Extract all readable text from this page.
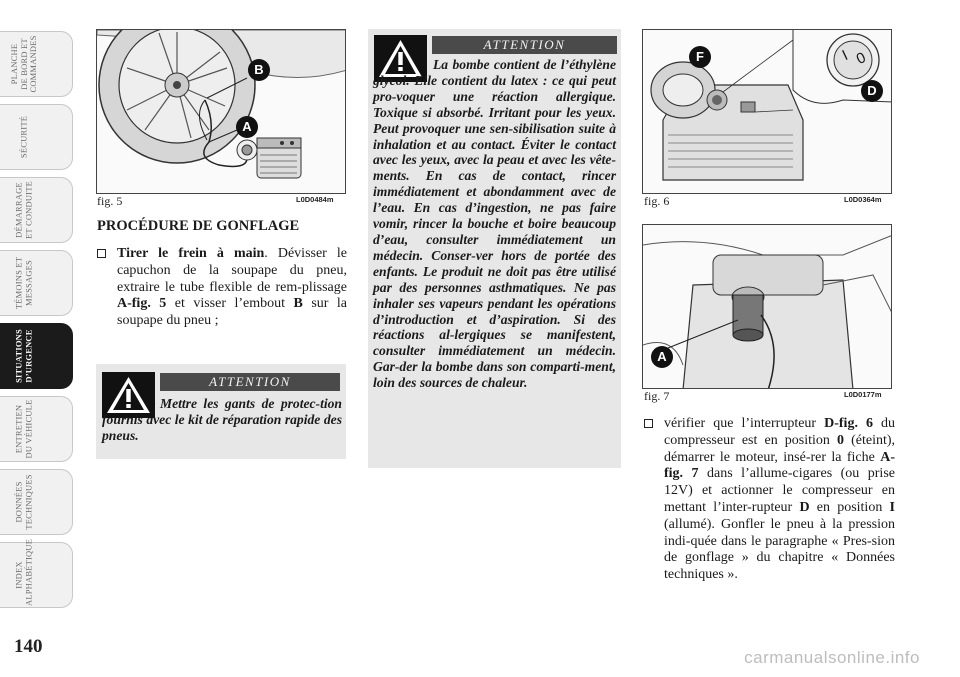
PLANCHE
DE BORD ET
COMMANDES
SÉCURITÉ
DÉMARRAGE
ET CONDUITE
TÉMOINS ET
MESSAGES
SITUATIONS
D’URGENCE
ENTRETIEN
DU VÉHICULE
DONNÉES
TECHNIQUES
INDEX
ALPHABÉTIQUE
140
B
A
fig. 5	L0D0484m
PROCÉDURE DE GONFLAGE
Tirer le frein à main. Dévisser le capuchon de la soupape du pneu, extraire le tube flexible de rem-plissage A-fig. 5 et visser l’embout B sur la soupape du pneu ;
ATTENTION
Mettre les gants de protec-tion fournis avec le kit de réparation rapide des pneus.
ATTENTION
La bombe contient de l’éthylène glycol. Elle contient du latex : ce qui peut pro-voquer une réaction allergique. Toxique si absorbé. Irritant pour les yeux. Peut provoquer une sen-sibilisation suite à inhalation et au contact. Éviter le contact avec les yeux, avec la peau et avec les vête-ments. En cas de contact, rincer immédiatement et abondamment avec de l’eau. En cas d’ingestion, ne pas faire vomir, rincer la bouche et boire beaucoup d’eau, consulter immédiatement un médecin. Conser-ver hors de portée des enfants. Le produit ne doit pas être utilisé par des personnes asthmatiques. Ne pas inhaler ses vapeurs pendant les opérations d’introduction et d’aspiration. Si des réactions al-lergiques se manifestent, consulter immédiatement un médecin. Gar-der la bombe dans son comparti-ment, loin des sources de chaleur.
I 0
F
D
fig. 6	L0D0364m
A
fig. 7	L0D0177m
vérifier que l’interrupteur D-fig. 6 du compresseur est en position 0 (éteint), démarrer le moteur, insé-rer la fiche A-fig. 7 dans l’allume-cigares (ou prise 12V) et actionner le compresseur en mettant l’inter-rupteur D en position I (allumé). Gonfler le pneu à la pression indi-quée dans le paragraphe « Pres-sion de gonflage » du chapitre « Données techniques ».
carmanualsonline.info
